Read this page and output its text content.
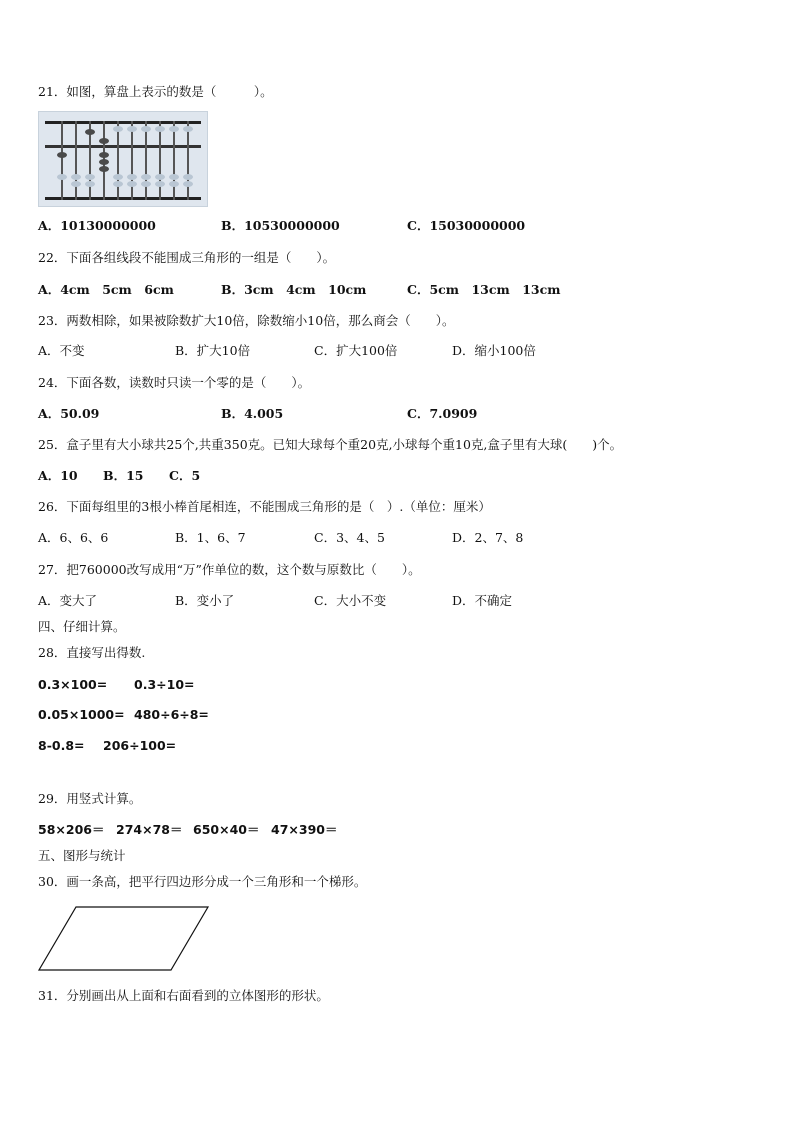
21．如图，算盘上表示的数是（　　　）。
A．10130000000	B．10530000000	C．15030000000
22．下面各组线段不能围成三角形的一组是（　　）。
A．4cm　5cm　6cm	B．3cm　4cm　10cm	C．5cm　13cm　13cm
23．两数相除，如果被除数扩大10倍，除数缩小10倍，那么商会（　　）。
A．不变	B．扩大10倍	C．扩大100倍	D．缩小100倍
24．下面各数，读数时只读一个零的是（　　）。
A．50.09	B．4.005	C．7.0909
25．盒子里有大小球共25个,共重350克。已知大球每个重20克,小球每个重10克,盒子里有大球(　　)个。
A．10 B．15 C．5
26．下面每组里的3根小棒首尾相连，不能围成三角形的是（　）.（单位：厘米）
A．6、6、6	B．1、6、7	C．3、4、5	D．2、7、8
27．把760000改写成用“万”作单位的数，这个数与原数比（　　）。
A．变大了	B．变小了	C．大小不变	D．不确定
四、仔细计算。
28．直接写出得数.
0.3×100= 0.3÷10=
0.05×1000= 480÷6÷8=
8-0.8= 206÷100=
29．用竖式计算。
58×206＝ 274×78＝ 650×40＝ 47×390＝
五、图形与统计
30．画一条高，把平行四边形分成一个三角形和一个梯形。
31．分别画出从上面和右面看到的立体图形的形状。
